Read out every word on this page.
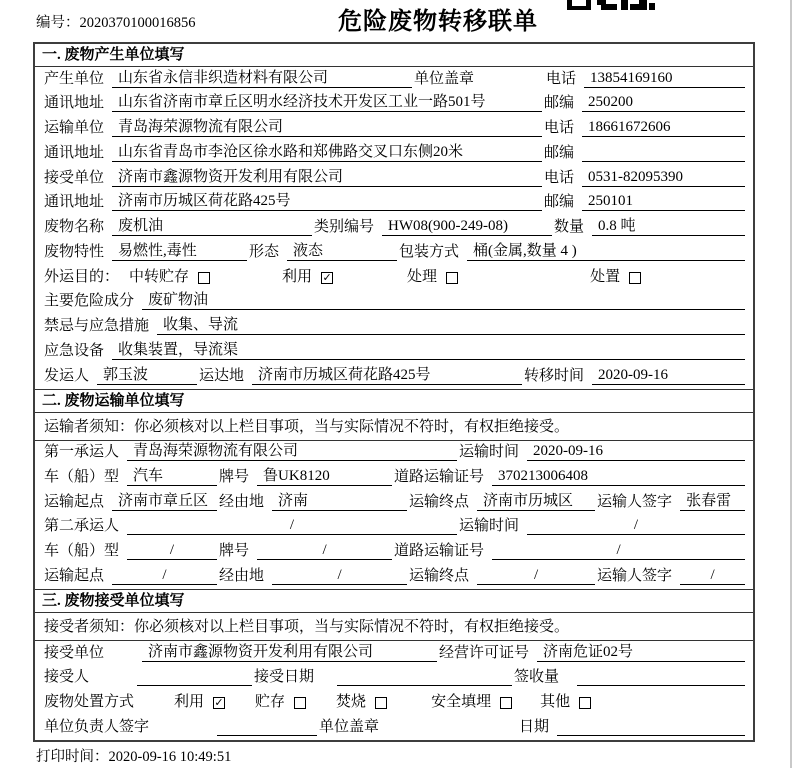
编号：2020370100016856	危险废物转移联单
一. 废物产生单位填写
产生单位 山东省永信非织造材料有限公司	单位盖章	电话 13854169160
通讯地址 山东省济南市章丘区明水经济技术开发区工业一路501号	邮编 250200
运输单位 青岛海荣源物流有限公司	电话 18661672606
通讯地址 山东省青岛市李沧区徐水路和郑佛路交叉口东侧20米	邮编
接受单位 济南市鑫源物资开发利用有限公司	电话 0531-82095390
通讯地址 济南市历城区荷花路425号	邮编 250101
废物名称 废机油	类别编号 HW08(900-249-08)	数量 0.8 吨
废物特性 易燃性,毒性	形态 液态	包装方式 桶(金属,数量 4 )
外运目的： 中转贮存	利用 ✓	处理	处置
主要危险成分 废矿物油
禁忌与应急措施 收集、导流
应急设备 收集装置，导流渠
发运人 郭玉波	运达地 济南市历城区荷花路425号	转移时间 2020-09-16
二. 废物运输单位填写
运输者须知：你必须核对以上栏目事项，当与实际情况不符时，有权拒绝接受。
第一承运人 青岛海荣源物流有限公司	运输时间 2020-09-16
车（船）型 汽车	牌号 鲁UK8120	道路运输证号 370213006408
运输起点 济南市章丘区 经由地 济南	运输终点 济南市历城区	运输人签字 张春雷
第二承运人	/	运输时间	/
车（船）型	/	牌号	/	道路运输证号	/
运输起点	/	经由地	/	运输终点	/	运输人签字	/
三. 废物接受单位填写
接受者须知：你必须核对以上栏目事项，当与实际情况不符时，有权拒绝接受。
接受单位	济南市鑫源物资开发利用有限公司	经营许可证号 济南危证02号
接受人	接受日期	签收量
废物处置方式	利用 ✓ 贮存	焚烧	安全填埋	其他
单位负责人签字	单位盖章	日期
打印时间：2020-09-16 10:49:51
